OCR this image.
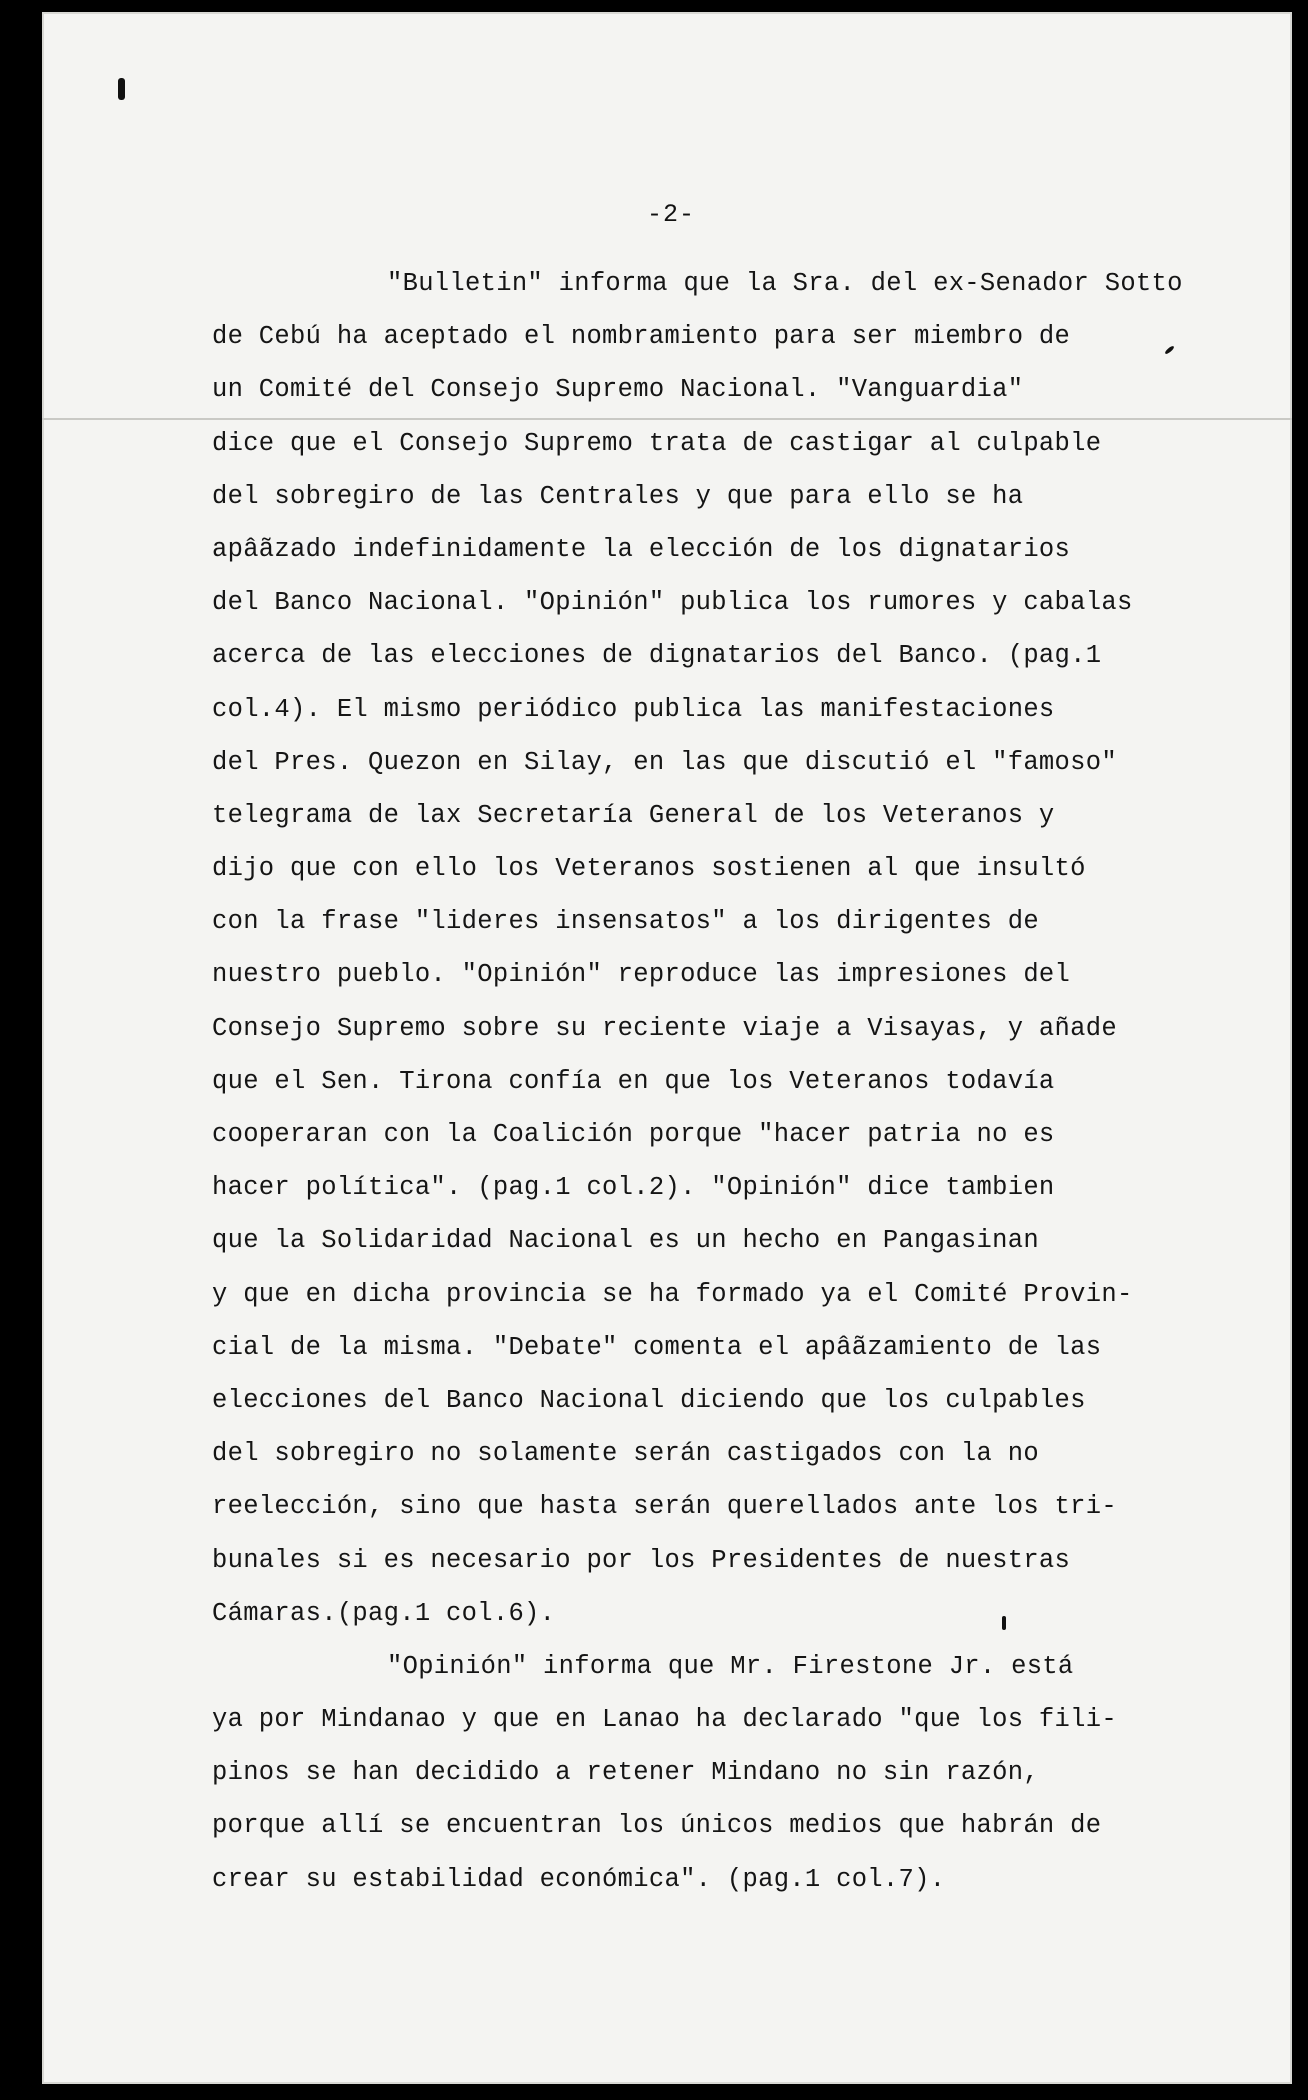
-2-
"Bulletin" informa que la Sra. del ex-Senador Sotto
de Cebú ha aceptado el nombramiento para ser miembro de
un Comité del Consejo Supremo Nacional. "Vanguardia"
dice que el Consejo Supremo trata de castigar al culpable
del sobregiro de las Centrales y que para ello se ha
apâãzado indefinidamente la elección de los dignatarios
del Banco Nacional. "Opinión" publica los rumores y cabalas
acerca de las elecciones de dignatarios del Banco. (pag.1
col.4). El mismo periódico publica las manifestaciones
del Pres. Quezon en Silay, en las que discutió el "famoso"
telegrama de lax Secretaría General de los Veteranos y
dijo que con ello los Veteranos sostienen al que insultó
con la frase "lideres insensatos" a los dirigentes de
nuestro pueblo. "Opinión" reproduce las impresiones del
Consejo Supremo sobre su reciente viaje a Visayas, y añade
que el Sen. Tirona confía en que los Veteranos todavía
cooperaran con la Coalición porque "hacer patria no es
hacer política". (pag.1 col.2). "Opinión" dice tambien
que la Solidaridad Nacional es un hecho en Pangasinan
y que en dicha provincia se ha formado ya el Comité Provin-
cial de la misma. "Debate" comenta el apâãzamiento de las
elecciones del Banco Nacional diciendo que los culpables
del sobregiro no solamente serán castigados con la no
reelección, sino que hasta serán querellados ante los tri-
bunales si es necesario por los Presidentes de nuestras
Cámaras.(pag.1 col.6).
"Opinión" informa que Mr. Firestone Jr. está
ya por Mindanao y que en Lanao ha declarado "que los fili-
pinos se han decidido a retener Mindano no sin razón,
porque allí se encuentran los únicos medios que habrán de
crear su estabilidad económica". (pag.1 col.7).
